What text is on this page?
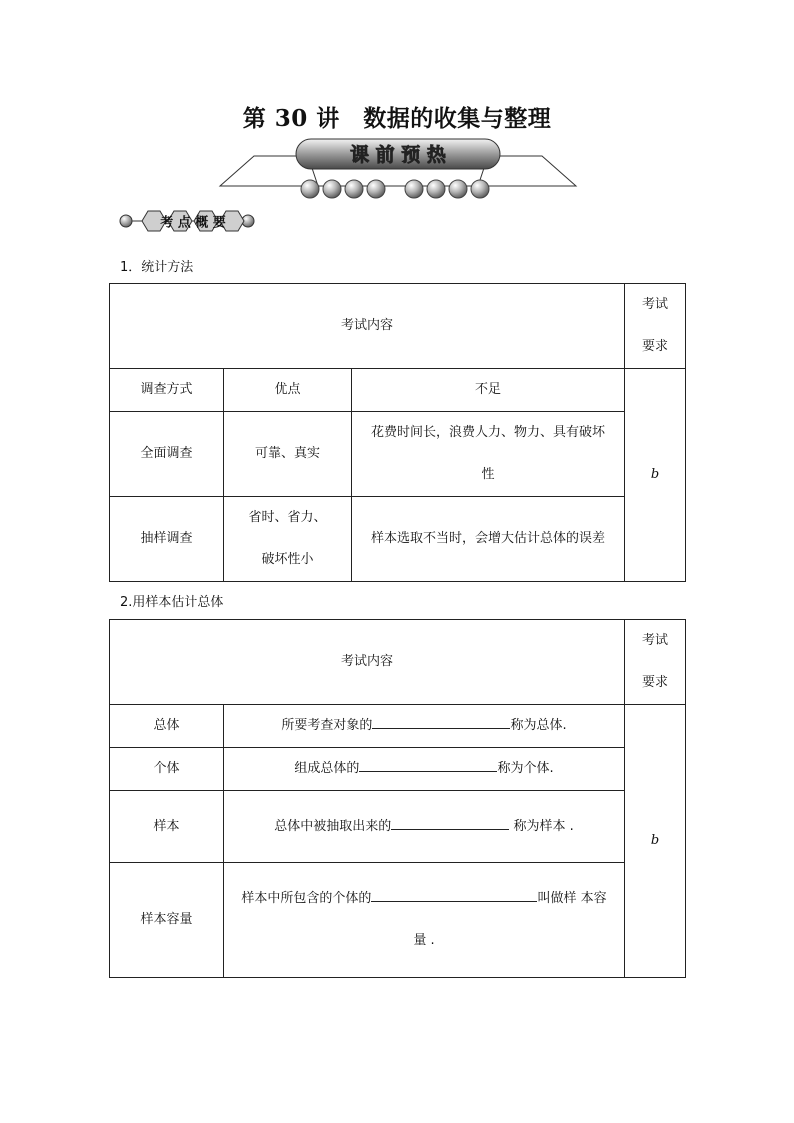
第 30 讲　数据的收集与整理
课 前 预 热
考 点 概 要
1．统计方法
考试内容			考试
要求

调查方式	优点	不足	b
全面调查	可靠、真实	花费时间长，浪费人力、物力、具有破坏
性	

抽样调查	省时、省力、
破坏性小	样本选取不当时，会增大估计总体的误差	
2.用样本估计总体
考试内容		考试
要求

总体	所要考查对象的 称为总体.	b
个体	组成总体的 称为个体.	
样本	总体中被抽取出来的 称为样本 .	
样本容量	样本中所包含的个体的 叫做样 本容
量 .	
